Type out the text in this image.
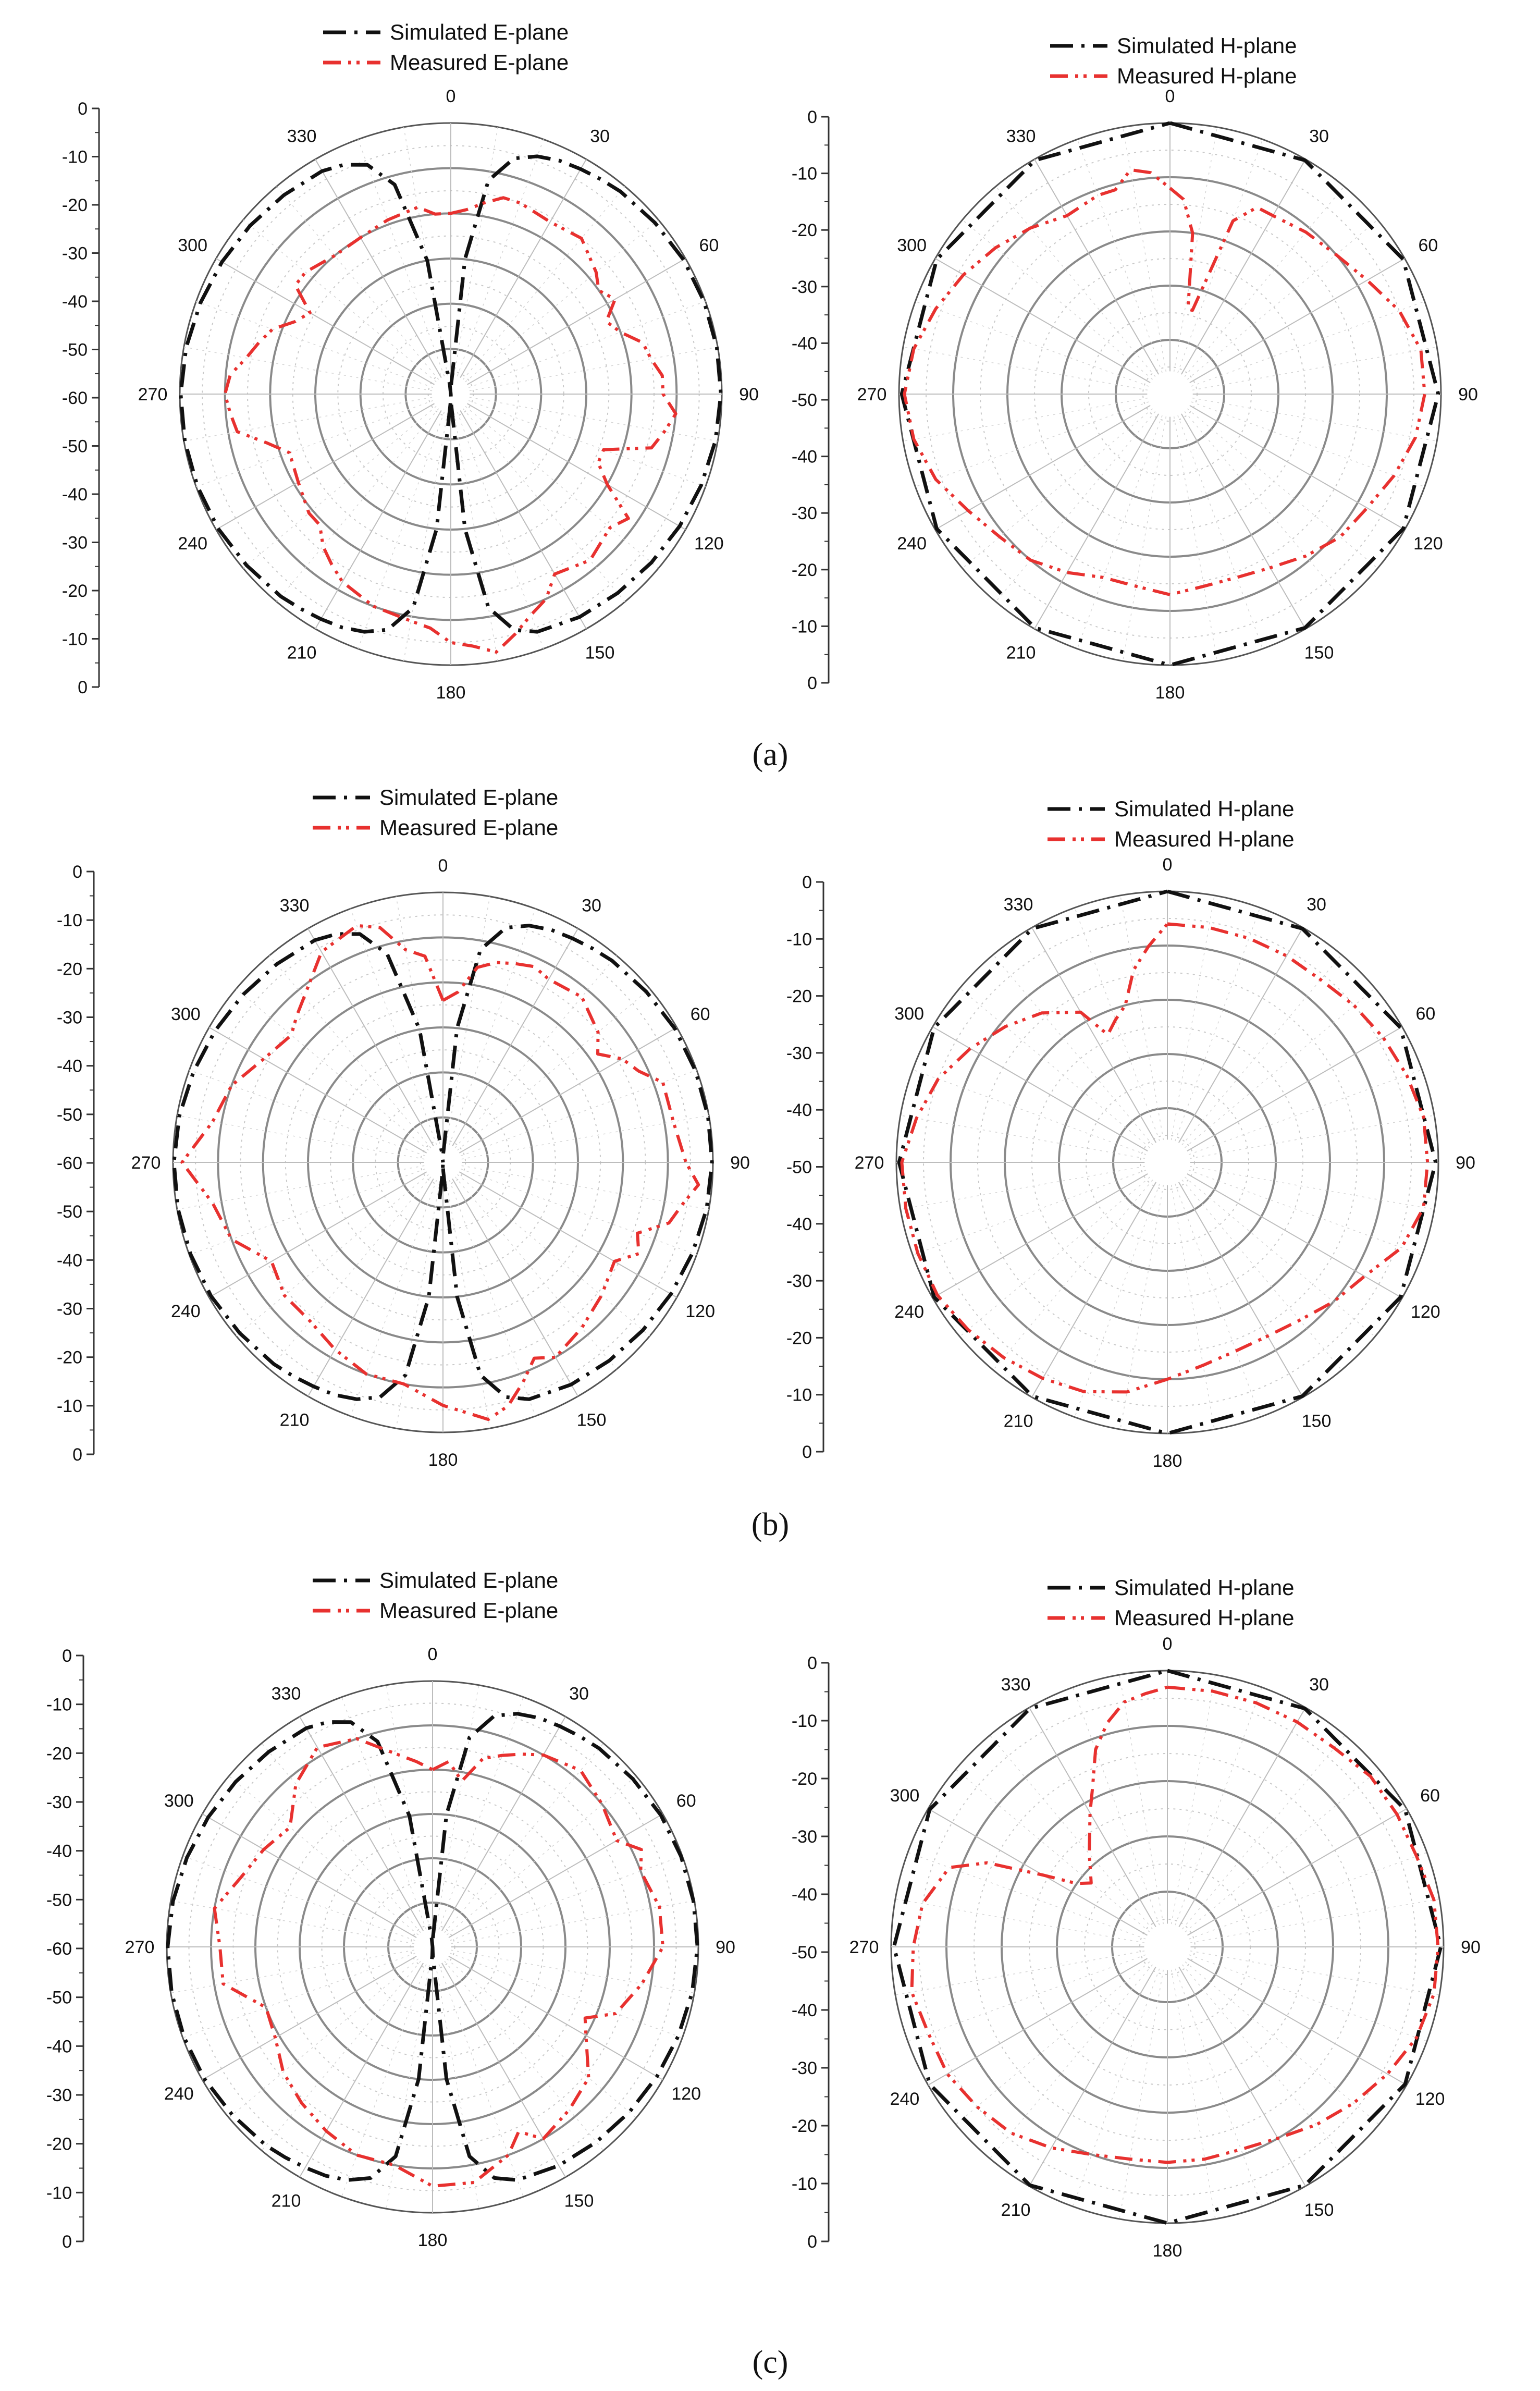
0
30
60
90
120
150
180
210
240
270
300
330
0
-10
-20
-30
-40
-50
-60
-50
-40
-30
-20
-10
0
Simulated E-plane
Measured E-plane
0
30
60
90
120
150
180
210
240
270
300
330
0
-10
-20
-30
-40
-50
-40
-30
-20
-10
0
Simulated H-plane
Measured H-plane
0
30
60
90
120
150
180
210
240
270
300
330
0
-10
-20
-30
-40
-50
-60
-50
-40
-30
-20
-10
0
Simulated E-plane
Measured E-plane
0
30
60
90
120
150
180
210
240
270
300
330
0
-10
-20
-30
-40
-50
-40
-30
-20
-10
0
Simulated H-plane
Measured H-plane
0
30
60
90
120
150
180
210
240
270
300
330
0
-10
-20
-30
-40
-50
-60
-50
-40
-30
-20
-10
0
Simulated E-plane
Measured E-plane
0
30
60
90
120
150
180
210
240
270
300
330
0
-10
-20
-30
-40
-50
-40
-30
-20
-10
0
Simulated H-plane
Measured H-plane
(a)
(b)
(c)
